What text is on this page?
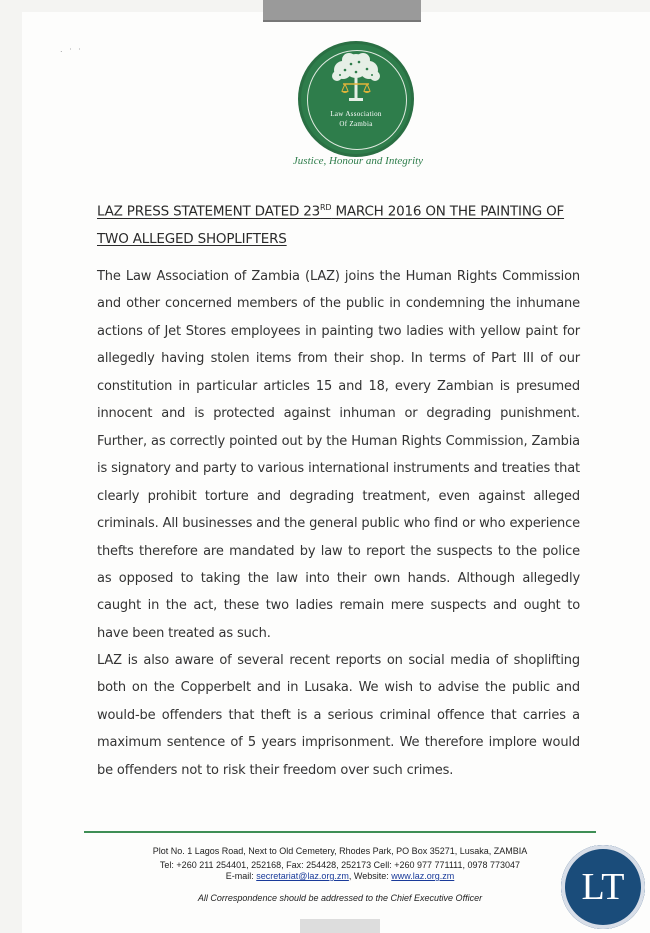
. · ·
Law Association
Of Zambia
Justice, Honour and Integrity
LAZ PRESS STATEMENT DATED 23RD MARCH 2016 ON THE PAINTING OF
TWO ALLEGED SHOPLIFTERS
The Law Association of Zambia (LAZ) joins the Human Rights Commission and other concerned members of the public in condemning the inhumane actions of Jet Stores employees in painting two ladies with yellow paint for allegedly having stolen items from their shop. In terms of Part III of our constitution in particular articles 15 and 18, every Zambian is presumed innocent and is protected against inhuman or degrading punishment. Further, as correctly pointed out by the Human Rights Commission, Zambia is signatory and party to various international instruments and treaties that clearly prohibit torture and degrading treatment, even against alleged criminals. All businesses and the general public who find or who experience thefts therefore are mandated by law to report the suspects to the police as opposed to taking the law into their own hands. Although allegedly caught in the act, these two ladies remain mere suspects and ought to have been treated as such.
LAZ is also aware of several recent reports on social media of shoplifting both on the Copperbelt and in Lusaka. We wish to advise the public and would-be offenders that theft is a serious criminal offence that carries a maximum sentence of 5 years imprisonment. We therefore implore would be offenders not to risk their freedom over such crimes.
Plot No. 1 Lagos Road, Next to Old Cemetery, Rhodes Park, PO Box 35271, Lusaka, ZAMBIA
Tel: +260 211 254401, 252168, Fax: 254428, 252173 Cell: +260 977 771111, 0978 773047
E-mail: secretariat@laz.org.zm, Website: www.laz.org.zm
All Correspondence should be addressed to the Chief Executive Officer	LT
